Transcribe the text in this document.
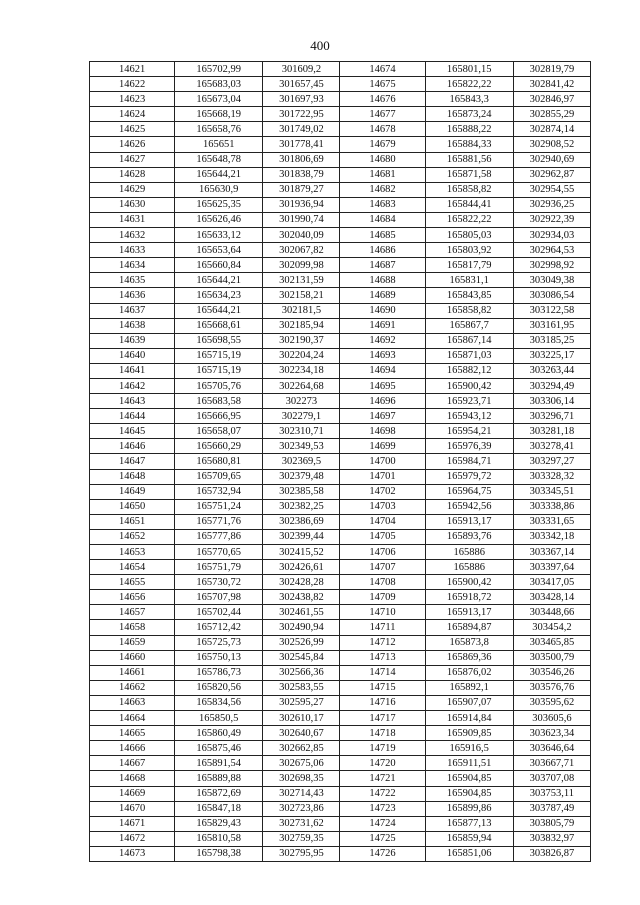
400
14621	165702,99	301609,2	14674	165801,15	302819,79
14622	165683,03	301657,45	14675	165822,22	302841,42
14623	165673,04	301697,93	14676	165843,3	302846,97
14624	165668,19	301722,95	14677	165873,24	302855,29
14625	165658,76	301749,02	14678	165888,22	302874,14
14626	165651	301778,41	14679	165884,33	302908,52
14627	165648,78	301806,69	14680	165881,56	302940,69
14628	165644,21	301838,79	14681	165871,58	302962,87
14629	165630,9	301879,27	14682	165858,82	302954,55
14630	165625,35	301936,94	14683	165844,41	302936,25
14631	165626,46	301990,74	14684	165822,22	302922,39
14632	165633,12	302040,09	14685	165805,03	302934,03
14633	165653,64	302067,82	14686	165803,92	302964,53
14634	165660,84	302099,98	14687	165817,79	302998,92
14635	165644,21	302131,59	14688	165831,1	303049,38
14636	165634,23	302158,21	14689	165843,85	303086,54
14637	165644,21	302181,5	14690	165858,82	303122,58
14638	165668,61	302185,94	14691	165867,7	303161,95
14639	165698,55	302190,37	14692	165867,14	303185,25
14640	165715,19	302204,24	14693	165871,03	303225,17
14641	165715,19	302234,18	14694	165882,12	303263,44
14642	165705,76	302264,68	14695	165900,42	303294,49
14643	165683,58	302273	14696	165923,71	303306,14
14644	165666,95	302279,1	14697	165943,12	303296,71
14645	165658,07	302310,71	14698	165954,21	303281,18
14646	165660,29	302349,53	14699	165976,39	303278,41
14647	165680,81	302369,5	14700	165984,71	303297,27
14648	165709,65	302379,48	14701	165979,72	303328,32
14649	165732,94	302385,58	14702	165964,75	303345,51
14650	165751,24	302382,25	14703	165942,56	303338,86
14651	165771,76	302386,69	14704	165913,17	303331,65
14652	165777,86	302399,44	14705	165893,76	303342,18
14653	165770,65	302415,52	14706	165886	303367,14
14654	165751,79	302426,61	14707	165886	303397,64
14655	165730,72	302428,28	14708	165900,42	303417,05
14656	165707,98	302438,82	14709	165918,72	303428,14
14657	165702,44	302461,55	14710	165913,17	303448,66
14658	165712,42	302490,94	14711	165894,87	303454,2
14659	165725,73	302526,99	14712	165873,8	303465,85
14660	165750,13	302545,84	14713	165869,36	303500,79
14661	165786,73	302566,36	14714	165876,02	303546,26
14662	165820,56	302583,55	14715	165892,1	303576,76
14663	165834,56	302595,27	14716	165907,07	303595,62
14664	165850,5	302610,17	14717	165914,84	303605,6
14665	165860,49	302640,67	14718	165909,85	303623,34
14666	165875,46	302662,85	14719	165916,5	303646,64
14667	165891,54	302675,06	14720	165911,51	303667,71
14668	165889,88	302698,35	14721	165904,85	303707,08
14669	165872,69	302714,43	14722	165904,85	303753,11
14670	165847,18	302723,86	14723	165899,86	303787,49
14671	165829,43	302731,62	14724	165877,13	303805,79
14672	165810,58	302759,35	14725	165859,94	303832,97
14673	165798,38	302795,95	14726	165851,06	303826,87
